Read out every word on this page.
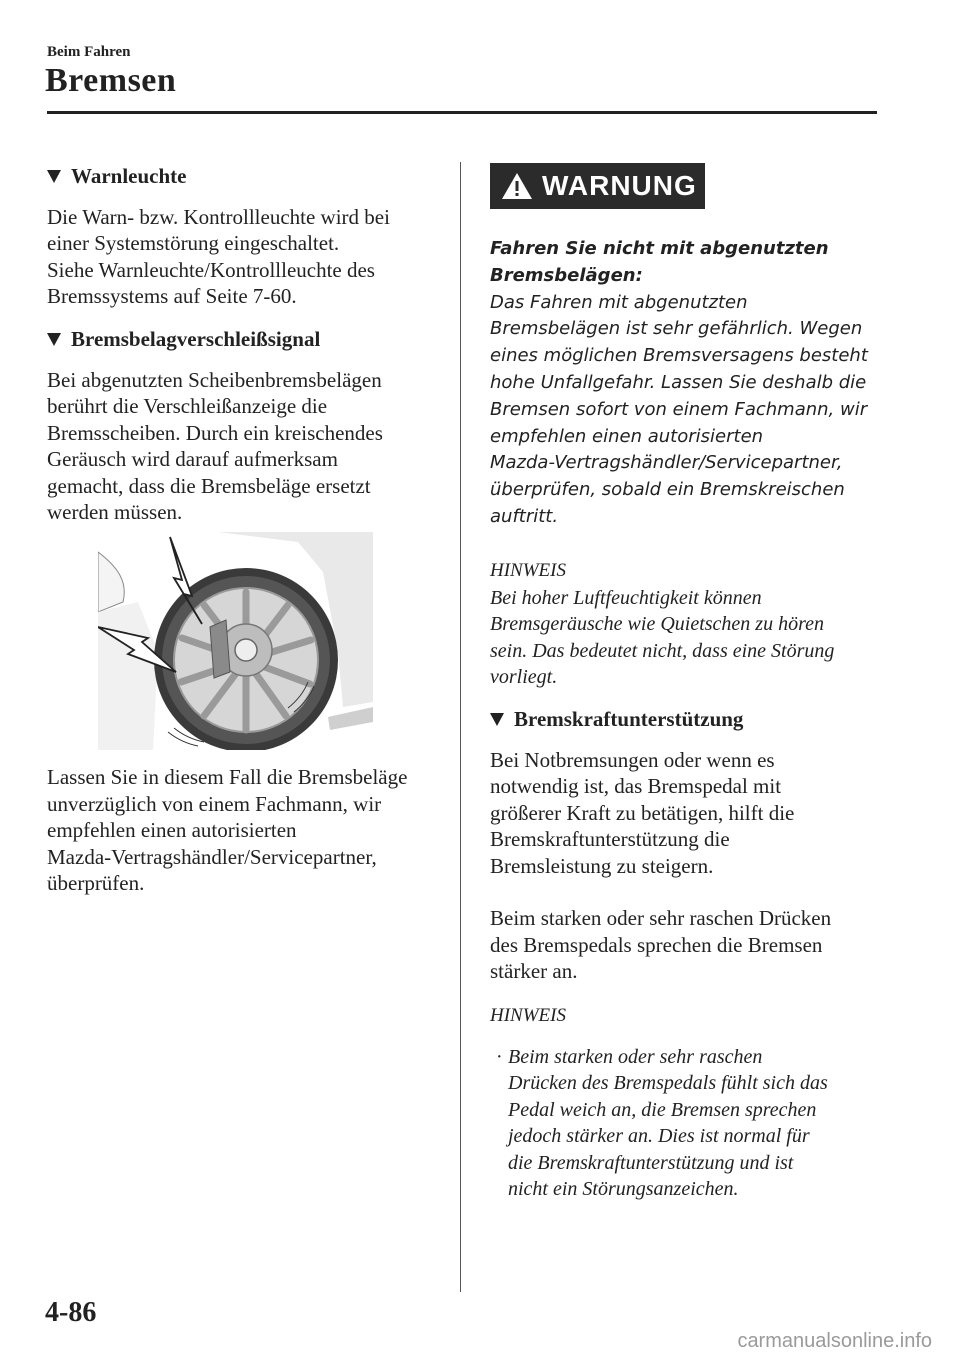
Beim Fahren
Bremsen
Warnleuchte

Die Warn- bzw. Kontrollleuchte wird bei

einer Systemstörung eingeschaltet.

Siehe Warnleuchte/Kontrollleuchte des

Bremssystems auf Seite 7-60.

Bremsbelagverschleißsignal

Bei abgenutzten Scheibenbremsbelägen

berührt die Verschleißanzeige die

Bremsscheiben. Durch ein kreischendes

Geräusch wird darauf aufmerksam

gemacht, dass die Bremsbeläge ersetzt

werden müssen.

Lassen Sie in diesem Fall die Bremsbeläge

unverzüglich von einem Fachmann, wir

empfehlen einen autorisierten

Mazda-Vertragshändler/Servicepartner,

überprüfen.

WARNUNG

Fahren Sie nicht mit abgenutzten

Bremsbelägen:

Das Fahren mit abgenutzten

Bremsbelägen ist sehr gefährlich. Wegen

eines möglichen Bremsversagens besteht

hohe Unfallgefahr. Lassen Sie deshalb die

Bremsen sofort von einem Fachmann, wir

empfehlen einen autorisierten

Mazda-Vertragshändler/Servicepartner,

überprüfen, sobald ein Bremskreischen

auftritt.

HINWEIS

Bei hoher Luftfeuchtigkeit können

Bremsgeräusche wie Quietschen zu hören

sein. Das bedeutet nicht, dass eine Störung

vorliegt.

Bremskraftunterstützung

Bei Notbremsungen oder wenn es

notwendig ist, das Bremspedal mit

größerer Kraft zu betätigen, hilft die

Bremskraftunterstützung die

Bremsleistung zu steigern.

Beim starken oder sehr raschen Drücken

des Bremspedals sprechen die Bremsen

stärker an.

HINWEIS

· Beim starken oder sehr raschen

Drücken des Bremspedals fühlt sich das

Pedal weich an, die Bremsen sprechen

jedoch stärker an. Dies ist normal für

die Bremskraftunterstützung und ist

nicht ein Störungsanzeichen.

4-86
carmanualsonline.info
